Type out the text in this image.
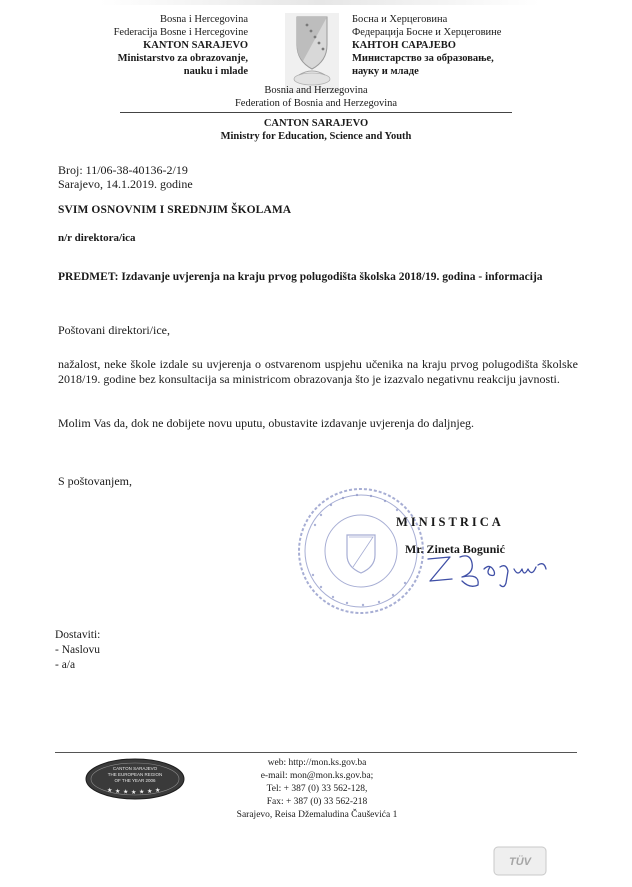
Bosna i Hercegovina
Federacija Bosne i Hercegovine
KANTON SARAJEVO
Ministarstvo za obrazovanje,
nauku i mlade
Босна и Херцеговина
Федерација Босне и Херцеговине
КАНТОН САРАЈЕВО
Министарство за образовање,
науку и младе
Bosnia and Herzegovina
Federation of Bosnia and Herzegovina
CANTON SARAJEVO
Ministry for Education, Science and Youth
Broj: 11/06-38-40136-2/19
Sarajevo, 14.1.2019. godine
SVIM OSNOVNIM I SREDNJIM ŠKOLAMA
n/r direktora/ica
PREDMET: Izdavanje uvjerenja na kraju prvog polugodišta školska 2018/19. godina - informacija
Poštovani direktori/ice,
nažalost, neke škole izdale su uvjerenja o ostvarenom uspjehu učenika na kraju prvog polugodišta školske 2018/19. godine bez konsultacija sa ministricom obrazovanja što je izazvalo negativnu reakciju javnosti.
Molim Vas da, dok ne dobijete novu uputu, obustavite izdavanje uvjerenja do daljnjeg.
S poštovanjem,
MINISTRICA
Mr. Zineta Bogunić
Dostaviti:
- Naslovu
- a/a
CANTON SARAJEVO
THE EUROPEAN REGION
OF THE YEAR 2006
★ ★ ★ ★ ★ ★ ★
web: http://mon.ks.gov.ba
e-mail: mon@mon.ks.gov.ba;
Tel: + 387 (0) 33 562-128,
Fax: + 387 (0) 33 562-218
Sarajevo, Reisa Džemaludina Čauševića 1
TÜV
